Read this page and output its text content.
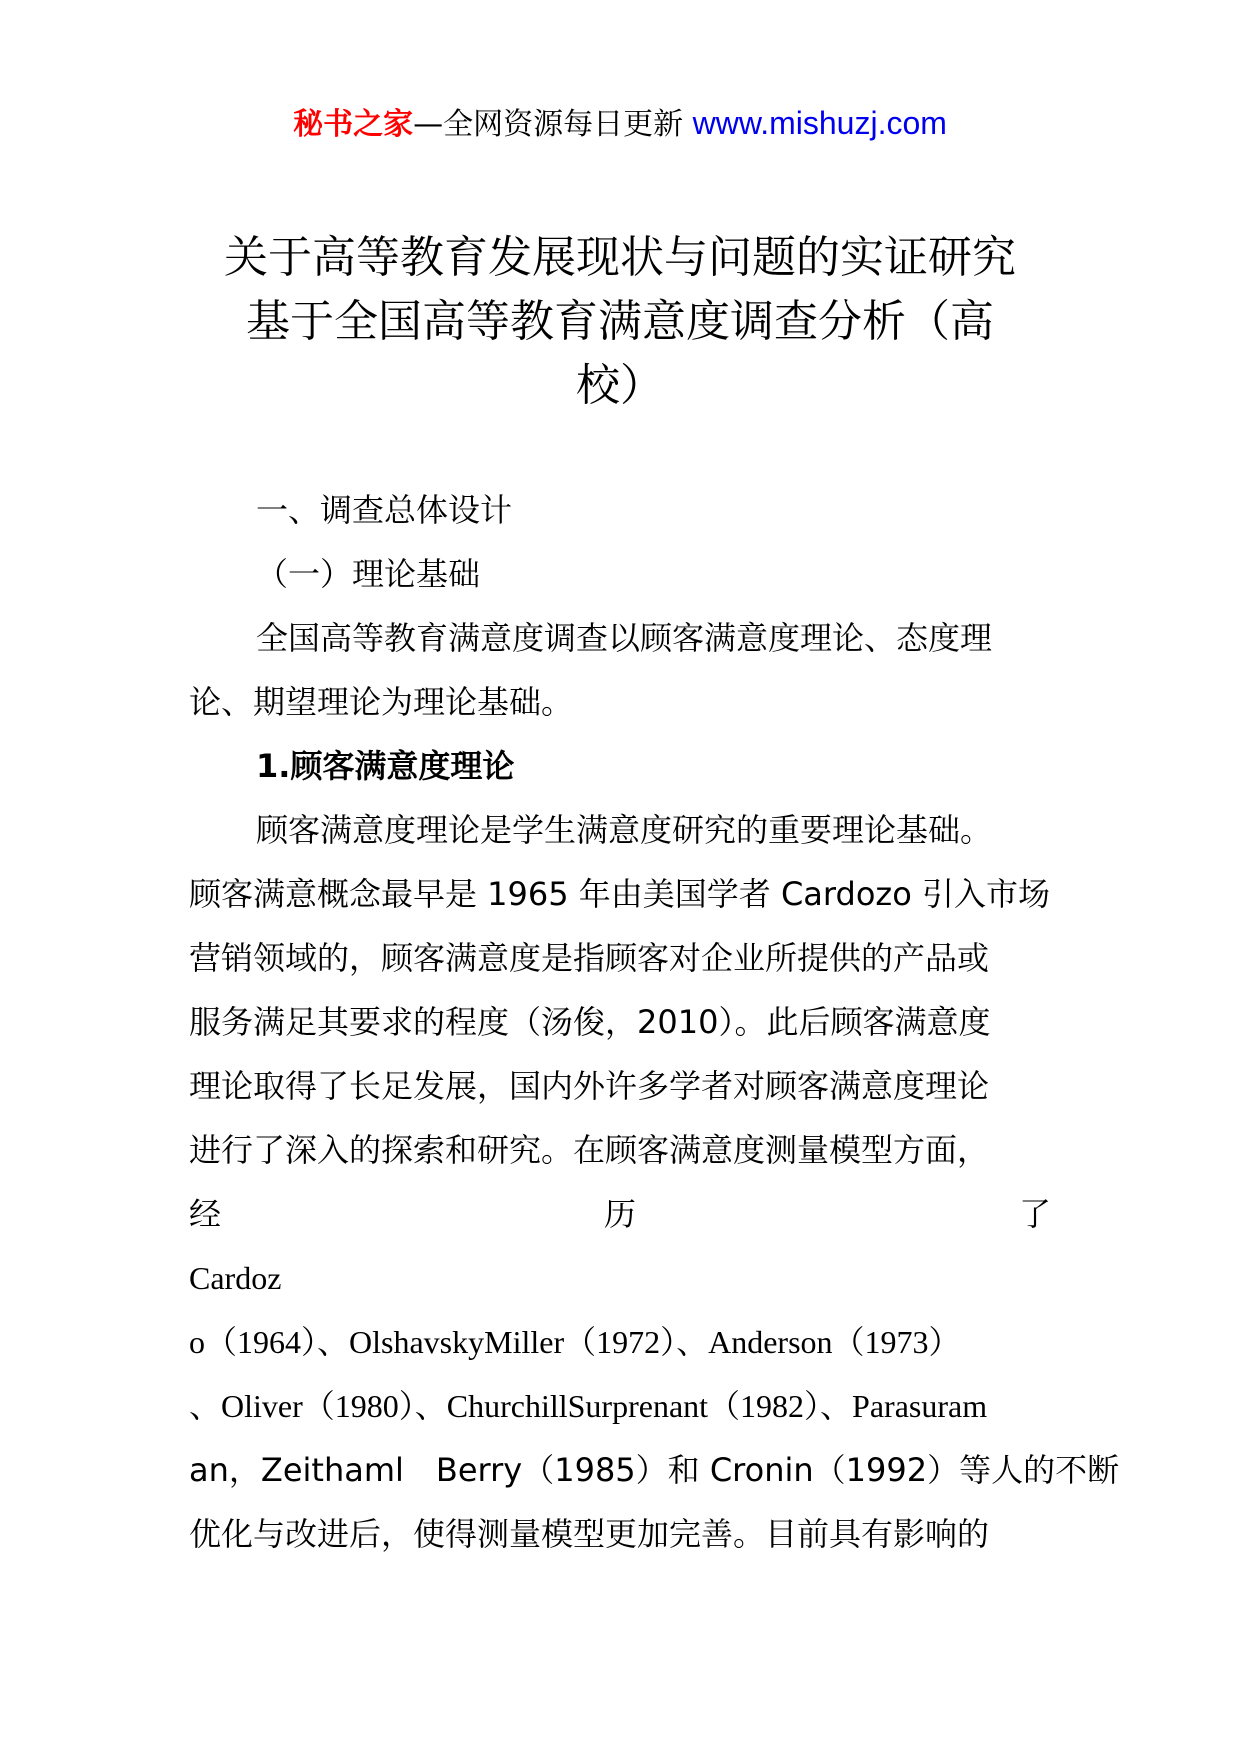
秘书之家—全网资源每日更新 www.mishuzj.com
关于高等教育发展现状与问题的实证研究
基于全国高等教育满意度调查分析（高
校）
一、调查总体设计
（一）理论基础
全国高等教育满意度调查以顾客满意度理论、态度理
论、期望理论为理论基础。
1.顾客满意度理论
顾客满意度理论是学生满意度研究的重要理论基础。
顾客满意概念最早是 1965 年由美国学者 Cardozo 引入市场
营销领域的，顾客满意度是指顾客对企业所提供的产品或
服务满足其要求的程度（汤俊，2010）。此后顾客满意度
理论取得了长足发展，国内外许多学者对顾客满意度理论
进行了深入的探索和研究。在顾客满意度测量模型方面，
经	历	了
Cardoz
o（1964）、OlshavskyMiller（1972）、Anderson（1973）
、Oliver（1980）、ChurchillSurprenant（1982）、Parasuram
an，Zeithaml　Berry（1985）和 Cronin（1992）等人的不断
优化与改进后，使得测量模型更加完善。目前具有影响的
